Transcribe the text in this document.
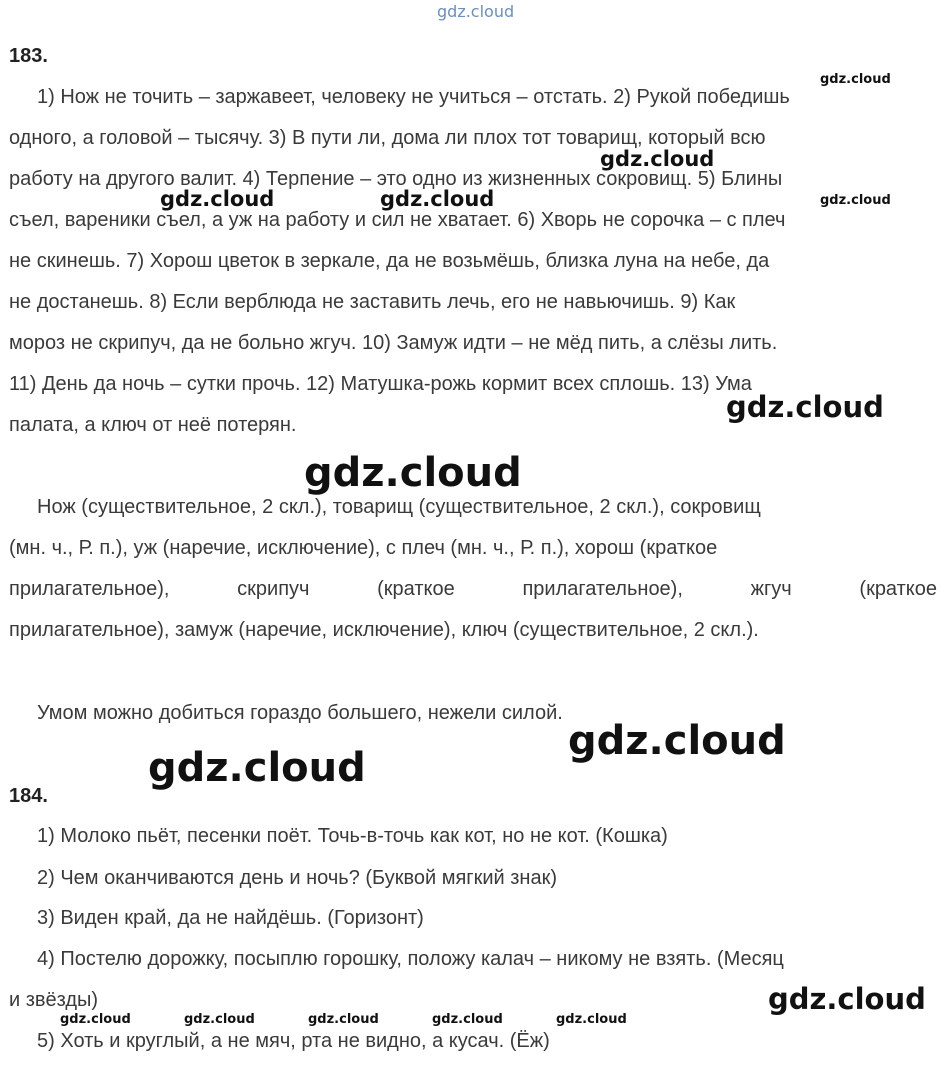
gdz.cloud
gdz.cloud
gdz.cloud
gdz.cloud	gdz.cloud	gdz.cloud
gdz.cloud
gdz.cloud
gdz.cloud
gdz.cloud
gdz.cloud
gdz.cloud	gdz.cloud	gdz.cloud	gdz.cloud	gdz.cloud
183.
1) Нож не точить – заржавеет, человеку не учиться – отстать. 2) Рукой победишь
одного, а головой – тысячу. 3) В пути ли, дома ли плох тот товарищ, который всю
работу на другого валит. 4) Терпение – это одно из жизненных сокровищ. 5) Блины
съел, вареники съел, а уж на работу и сил не хватает. 6) Хворь не сорочка – с плеч
не скинешь. 7) Хорош цветок в зеркале, да не возьмёшь, близка луна на небе, да
не достанешь. 8) Если верблюда не заставить лечь, его не навьючишь. 9) Как
мороз не скрипуч, да не больно жгуч. 10) Замуж идти – не мёд пить, а слёзы лить.
11) День да ночь – сутки прочь. 12) Матушка-рожь кормит всех сплошь. 13) Ума
палата, а ключ от неё потерян.
Нож (существительное, 2 скл.), товарищ (существительное, 2 скл.), сокровищ
(мн. ч., Р. п.), уж (наречие, исключение), с плеч (мн. ч., Р. п.), хорош (краткое
прилагательное), скрипуч (краткое прилагательное), жгуч (краткое
прилагательное), замуж (наречие, исключение), ключ (существительное, 2 скл.).
Умом можно добиться гораздо большего, нежели силой.
184.
1) Молоко пьёт, песенки поёт. Точь-в-точь как кот, но не кот. (Кошка)
2) Чем оканчиваются день и ночь? (Буквой мягкий знак)
3) Виден край, да не найдёшь. (Горизонт)
4) Постелю дорожку, посыплю горошку, положу калач – никому не взять. (Месяц
и звёзды)
5) Хоть и круглый, а не мяч, рта не видно, а кусач. (Ёж)
